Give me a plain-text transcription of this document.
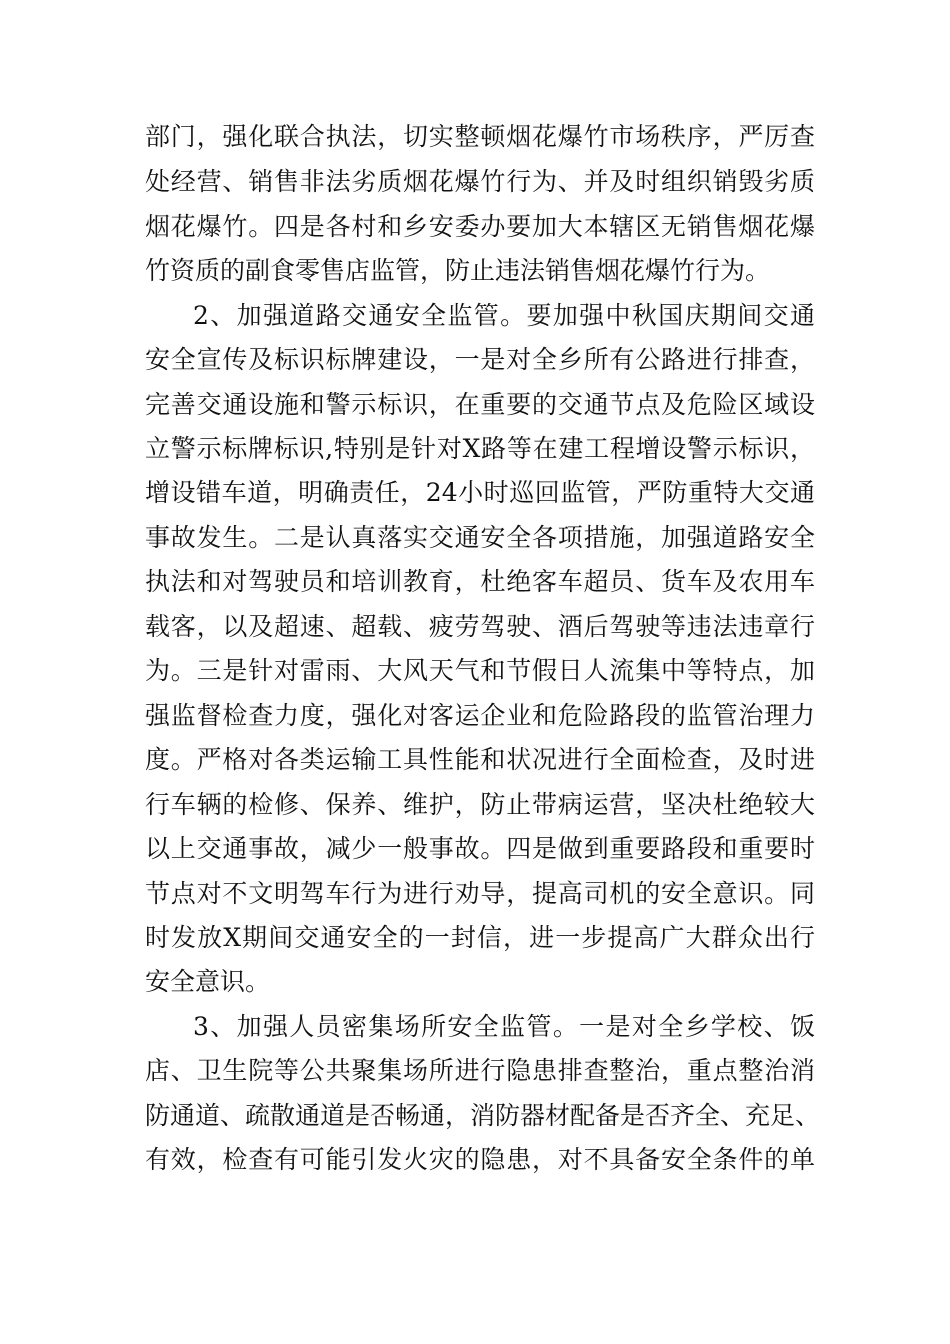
部门，强化联合执法，切实整顿烟花爆竹市场秩序，严厉查
处经营、销售非法劣质烟花爆竹行为、并及时组织销毁劣质
烟花爆竹。四是各村和乡安委办要加大本辖区无销售烟花爆
竹资质的副食零售店监管，防止违法销售烟花爆竹行为。
2、加强道路交通安全监管。要加强中秋国庆期间交通
安全宣传及标识标牌建设，一是对全乡所有公路进行排查，
完善交通设施和警示标识，在重要的交通节点及危险区域设
立警示标牌标识,特别是针对X路等在建工程增设警示标识，
增设错车道，明确责任，24小时巡回监管，严防重特大交通
事故发生。二是认真落实交通安全各项措施，加强道路安全
执法和对驾驶员和培训教育，杜绝客车超员、货车及农用车
载客，以及超速、超载、疲劳驾驶、酒后驾驶等违法违章行
为。三是针对雷雨、大风天气和节假日人流集中等特点，加
强监督检查力度，强化对客运企业和危险路段的监管治理力
度。严格对各类运输工具性能和状况进行全面检查，及时进
行车辆的检修、保养、维护，防止带病运营，坚决杜绝较大
以上交通事故，减少一般事故。四是做到重要路段和重要时
节点对不文明驾车行为进行劝导，提高司机的安全意识。同
时发放X期间交通安全的一封信，进一步提高广大群众出行
安全意识。
3、加强人员密集场所安全监管。一是对全乡学校、饭
店、卫生院等公共聚集场所进行隐患排查整治，重点整治消
防通道、疏散通道是否畅通，消防器材配备是否齐全、充足、
有效，检查有可能引发火灾的隐患，对不具备安全条件的单
